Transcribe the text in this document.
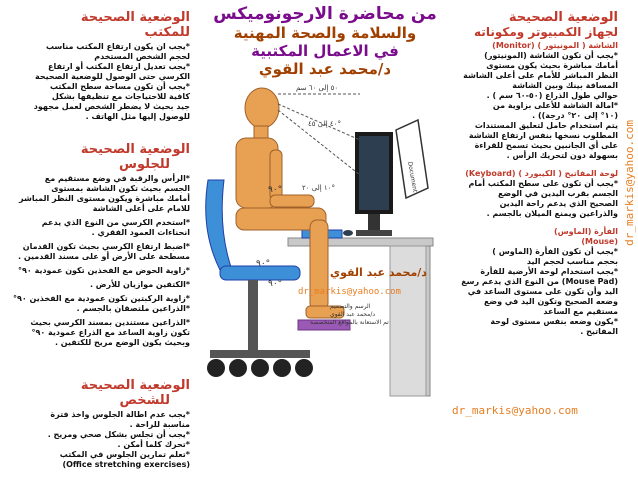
من محاضرة الارجونوميكس
والسلامة والصحة المهنية
في الاعمال المكتبية
د/محمد عبد القوي
الوضعية الصحيحة
للمكتب
*يجب ان يكون ارتفاع المكتب مناسب
لحجم الشخص المستخدم
*يجب تعديل ارتفاع المكتب أو ارتفاع
الكرسي حتى الوصول للوضعية الصحيحة
*يجب أن تكون مساحة سطح المكتب
كافية للاحتياجات مع تنظيفها بشكل
جيد بحيث لا يضطر الشخص لعمل مجهود
للوصول إليها مثل الهاتف .
الوضعية الصحيحة
للجلوس
*الرأس والرقبة في وضع مستقيم مع
الجسم بحيث تكون الشاشة بمستوى
أمامك مباشرة ويكون مستوى النظر المباشر
للامام على أعلى الشاشة
*استخدم الكرسي من النوع الذي يدعم
انحناءات العمود الفقري .
*اضبط ارتفاع الكرسي بحيث تكون القدمان
مسطحة على الأرض أو على مسند القدمين .
*زاوية الحوض مع الفخذين تكون عمودية ٩٠°
*الكتفين موازيان للأرض .
*زاوية الركبتين تكون عمودية مع الفخذين ٩٠°
*الذراعين ملتصقان بالجسم .
*الذراعين مستندين بمسند الكرسي بحيث
تكون زاوية الساعد مع الذراع عمودية ٩٠°
وبحيث يكون الوضع مريح للكتفين .
الوضعية الصحيحة
للشخص
*يجب عدم اطالة الجلوس واخذ فترة
مناسبة للراحة .
*يجب أن تجلس بشكل صحي ومريح .
*تحرك كلما أمكن .
*تعلم تمارين الجلوس في المكتب
(Office stretching exercises)
الوضعية الصحيحة
لجهاز الكمبيوتر ومكوناته
الشاشة ( المونيتور ) (Monitor)
*يجب أن تكون الشاشة (المونيتور)
أمامك مباشرة بحيث يكون مستوى
النظر المباشر للأمام على أعلى الشاشة
المسافة بينك وبين الشاشة
حوالي طول الذراع (٥٠-٦٠ سم ) .
*امالة الشاشة للأعلى بزاوية من
(١٠° إلى ٢٠° درجة)) .
يتم استخدام حامل لتعليق المستندات
المطلوب نسخها بنفس ارتفاع الشاشة
على أي الجانبين بحيث تسمح للقراءة
بسهولة دون لتحريك الرأس .
لوحة المفاتيح ( الكيبورد ) (Keyboard)
*يجب أن تكون على سطح المكتب أمام
الجسم بقرب اليدين في الوضع
الصحيح الذي يدعم راحة اليدين
والذراعين ويمنع الميلان بالجسم .
الفأرة (الماوس)
(Mouse)
*يجب أن تكون الفأرة (الماوس )
بحجم مناسب لحجم اليد
*يجب استخدام لوحة الأرضية للفأرة
(Mouse Pad) من النوع الذي يدعم رسغ
اليد وأن تكون على مستوى الساعد في
وضعه الصحيح وتكون اليد في وضع
مستقيم مع الساعد
*يكون وضعه بنفس مستوى لوحة
المفاتيح .
dr_markis@yahoo.com
Document
٥٠ إلى ٦٠ سم
٤٠ إلى ٤٥°
١٠ إلى ٢٠°
٩٠°
٩٠°
٩٠°
د/محمد عبد القوي
dr_markis@yahoo.com
الرسم والتصميم
د/محمد عبد القوي
تم الاستعانة بالمواقع المتخصصة
dr_markis@yahoo.com
